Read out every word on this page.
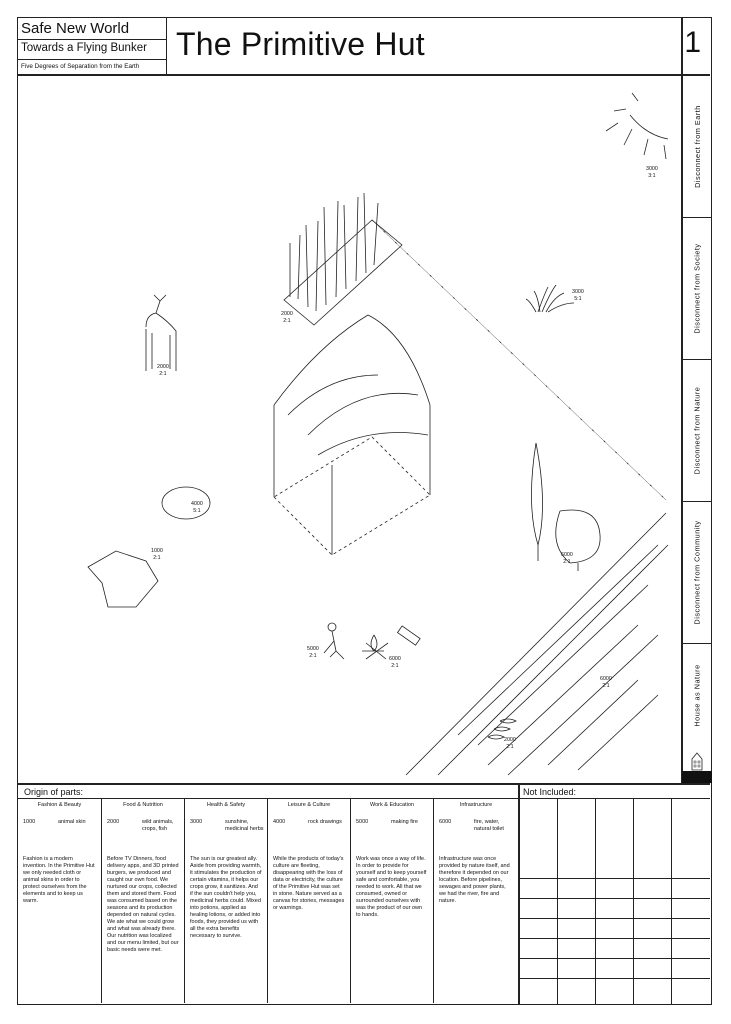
Safe New World
Towards a Flying Bunker
Five Degrees of Separation from the Earth
The Primitive Hut	1
Disconnect from Earth
Disconnect from Society
Disconnect from Nature
Disconnect from Community
House as Nature
3000
3:1
3000
5:1
2000
2:1
2000
2:1
4000
5:1
1000
2:1	6000
2:1
5000
2:1	6000
2:1
6000
2:1
2000
2:1
Origin of parts:	Not Included:
Fashion & Beauty
1000	animal skin
Fashion is a modern invention. In the Primitive Hut we only needed cloth or animal skins in order to protect ourselves from the elements and to keep us warm.
Food & Nutrition
2000	wild animals,
crops, fish
Before TV Dinners, food delivery apps, and 3D printed burgers, we produced and caught our own food. We nurtured our crops, collected them and stored them. Food was consumed based on the seasons and its production depended on natural cycles. We ate what we could grow and what was already there. Our nutrition was localized and our menu limited, but our basic needs were met.
Health & Safety
3000	sunshine,
medicinal herbs
The sun is our greatest ally. Aside from providing warmth, it stimulates the production of certain vitamins, it helps our crops grow, it sanitizes. And if the sun couldn't help you, medicinal herbs could. Mixed into potions, applied as healing lotions, or added into foods, they provided us with all the extra benefits necessary to survive.
Leisure & Culture
4000	rock drawings
While the products of today's culture are fleeting, disappearing with the loss of data or electricity, the culture of the Primitive Hut was set in stone. Nature served as a canvas for stories, messages or warnings.
Work & Education
5000	making fire
Work was once a way of life. In order to provide for yourself and to keep yourself safe and comfortable, you needed to work. All that we consumed, owned or surrounded ourselves with was the product of our own to hands.
Infrastructure
6000	fire, water,
natural toilet
Infrastructure was once provided by nature itself, and therefore it depended on our location. Before pipelines, sewages and power plants, we had the river, fire and nature.
